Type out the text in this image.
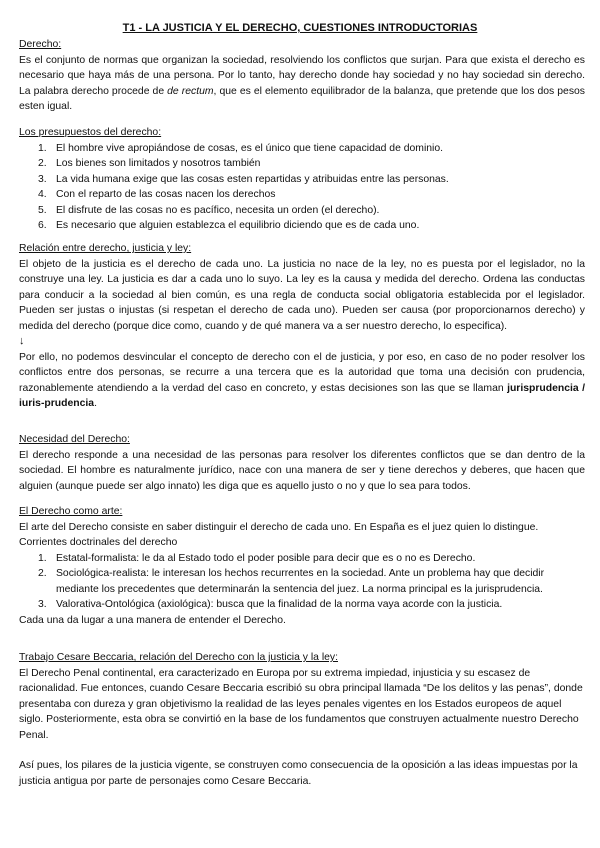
T1 - LA JUSTICIA Y EL DERECHO, CUESTIONES INTRODUCTORIAS
Derecho:
Es el conjunto de normas que organizan la sociedad, resolviendo los conflictos que surjan. Para que exista el derecho es necesario que haya más de una persona. Por lo tanto, hay derecho donde hay sociedad y no hay sociedad sin derecho. La palabra derecho procede de de rectum, que es el elemento equilibrador de la balanza, que pretende que los dos pesos esten igual.
Los presupuestos del derecho:
1. El hombre vive apropiándose de cosas, es el único que tiene capacidad de dominio.
2. Los bienes son limitados y nosotros también
3. La vida humana exige que las cosas esten repartidas y atribuidas entre las personas.
4. Con el reparto de las cosas nacen los derechos
5. El disfrute de las cosas no es pacífico, necesita un orden (el derecho).
6. Es necesario que alguien establezca el equilibrio diciendo que es de cada uno.
Relación entre derecho, justicia y ley:
El objeto de la justicia es el derecho de cada uno. La justicia no nace de la ley, no es puesta por el legislador, no la construye una ley. La justicia es dar a cada uno lo suyo. La ley es la causa y medida del derecho. Ordena las conductas para conducir a la sociedad al bien común, es una regla de conducta social obligatoria establecida por el legislador. Pueden ser justas o injustas (si respetan el derecho de cada uno). Pueden ser causa (por proporcionarnos derecho) y medida del derecho (porque dice como, cuando y de qué manera va a ser nuestro derecho, lo especifica).
↓
Por ello, no podemos desvincular el concepto de derecho con el de justicia, y por eso, en caso de no poder resolver los conflictos entre dos personas, se recurre a una tercera que es la autoridad que toma una decisión con prudencia, razonablemente atendiendo a la verdad del caso en concreto, y estas decisiones son las que se llaman jurisprudencia / iuris-prudencia.
Necesidad del Derecho:
El derecho responde a una necesidad de las personas para resolver los diferentes conflictos que se dan dentro de la sociedad. El hombre es naturalmente jurídico, nace con una manera de ser y tiene derechos y deberes, que hacen que alguien (aunque puede ser algo innato) les diga que es aquello justo o no y que lo sea para todos.
El Derecho como arte:
El arte del Derecho consiste en saber distinguir el derecho de cada uno. En España es el juez quien lo distingue.
Corrientes doctrinales del derecho
1. Estatal-formalista: le da al Estado todo el poder posible para decir que es o no es Derecho.
2. Sociológica-realista: le interesan los hechos recurrentes en la sociedad. Ante un problema hay que decidir mediante los precedentes que determinarán la sentencia del juez. La norma principal es la jurisprudencia.
3. Valorativa-Ontológica (axiológica): busca que la finalidad de la norma vaya acorde con la justicia.
Cada una da lugar a una manera de entender el Derecho.
Trabajo Cesare Beccaria, relación del Derecho con la justicia y la ley:
El Derecho Penal continental, era caracterizado en Europa por su extrema impiedad, injusticia y su escasez de racionalidad. Fue entonces, cuando Cesare Beccaria escribió su obra principal llamada “De los delitos y las penas”, donde presentaba con dureza y gran objetivismo la realidad de las leyes penales vigentes en los Estados europeos de aquel siglo. Posteriormente, esta obra se convirtió en la base de los fundamentos que construyen actualmente nuestro Derecho Penal.
Así pues, los pilares de la justicia vigente, se construyen como consecuencia de la oposición a las ideas impuestas por la justicia antigua por parte de personajes como Cesare Beccaria.
